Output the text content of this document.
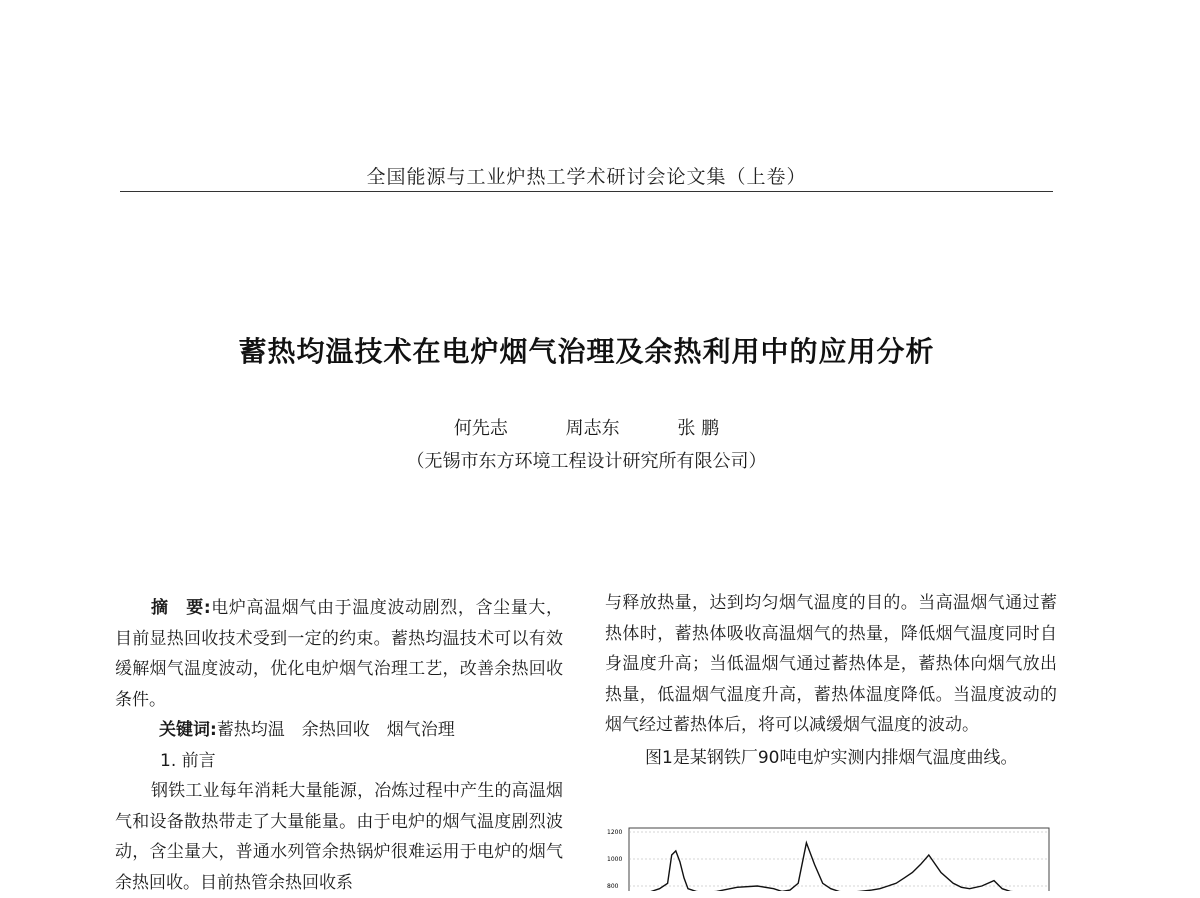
全国能源与工业炉热工学术研讨会论文集（上卷）
蓄热均温技术在电炉烟气治理及余热利用中的应用分析
何先志	周志东	张 鹏
（无锡市东方环境工程设计研究所有限公司）

摘　要:电炉高温烟气由于温度波动剧烈，含尘量大，目前显热回收技术受到一定的约束。蓄热均温技术可以有效缓解烟气温度波动，优化电炉烟气治理工艺，改善余热回收条件。

关键词:蓄热均温　余热回收　烟气治理

1. 前言

钢铁工业每年消耗大量能源，冶炼过程中产生的高温烟气和设备散热带走了大量能量。由于电炉的烟气温度剧烈波动，含尘量大，普通水列管余热锅炉很难运用于电炉的烟气余热回收。目前热管余热回收系

与释放热量，达到均匀烟气温度的目的。当高温烟气通过蓄热体时，蓄热体吸收高温烟气的热量，降低烟气温度同时自身温度升高；当低温烟气通过蓄热体是，蓄热体向烟气放出热量，低温烟气温度升高，蓄热体温度降低。当温度波动的烟气经过蓄热体后，将可以减缓烟气温度的波动。

图1是某钢铁厂90吨电炉实测内排烟气温度曲线。

1200
1000
800
